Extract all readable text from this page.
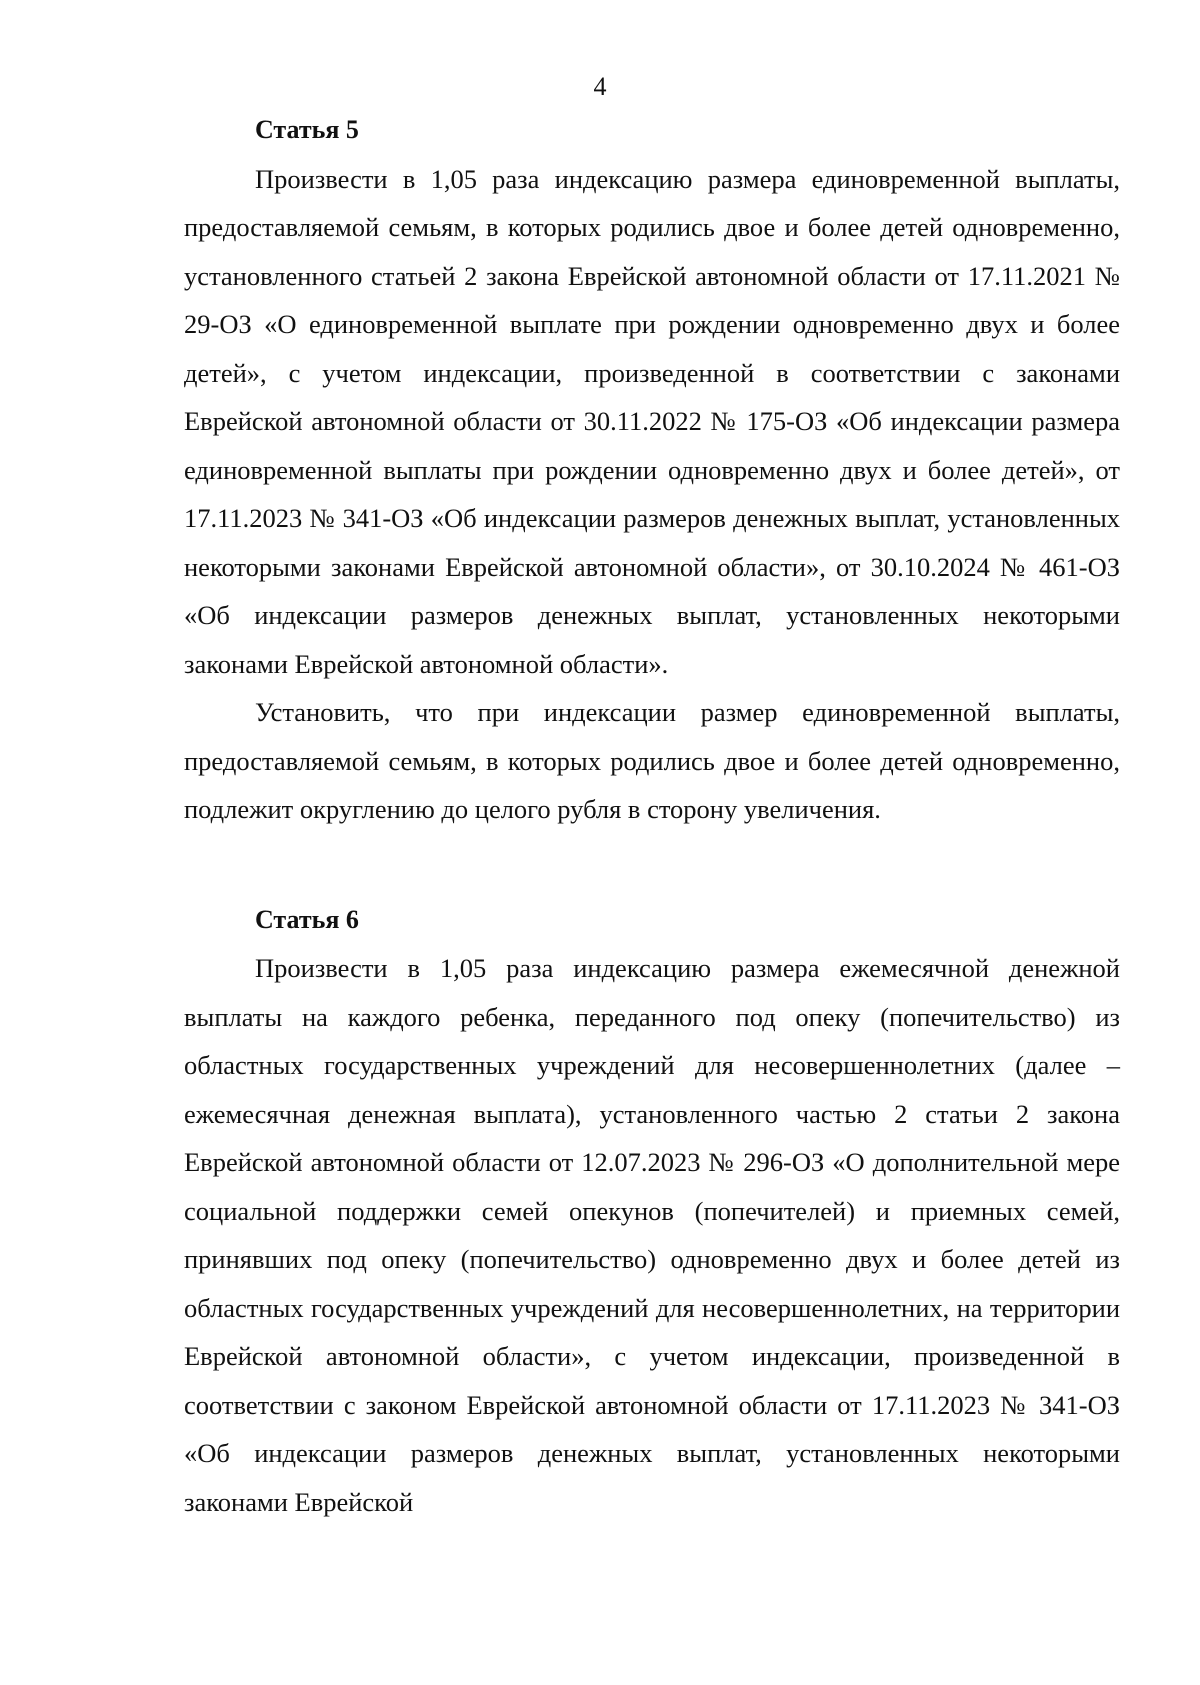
4
Статья 5

Произвести в 1,05 раза индексацию размера единовременной выплаты, предоставляемой семьям, в которых родились двое и более детей одновременно, установленного статьей 2 закона Еврейской автономной области от 17.11.2021 № 29-ОЗ «О единовременной выплате при рождении одновременно двух и более детей», с учетом индексации, произведенной в соответствии с законами Еврейской автономной области от 30.11.2022 № 175-ОЗ «Об индексации размера единовременной выплаты при рождении одновременно двух и более детей», от 17.11.2023 № 341-ОЗ «Об индексации размеров денежных выплат, установленных некоторыми законами Еврейской автономной области», от 30.10.2024 № 461-ОЗ «Об индексации размеров денежных выплат, установленных некоторыми законами Еврейской автономной области».

Установить, что при индексации размер единовременной выплаты, предоставляемой семьям, в которых родились двое и более детей одновременно, подлежит округлению до целого рубля в сторону увеличения.

Статья 6

Произвести в 1,05 раза индексацию размера ежемесячной денежной выплаты на каждого ребенка, переданного под опеку (попечительство) из областных государственных учреждений для несовершеннолетних (далее – ежемесячная денежная выплата), установленного частью 2 статьи 2 закона Еврейской автономной области от 12.07.2023 № 296-ОЗ «О дополнительной мере социальной поддержки семей опекунов (попечителей) и приемных семей, принявших под опеку (попечительство) одновременно двух и более детей из областных государственных учреждений для несовершеннолетних, на территории Еврейской автономной области», с учетом индексации, произведенной в соответствии с законом Еврейской автономной области от 17.11.2023 № 341-ОЗ «Об индексации размеров денежных выплат, установленных некоторыми законами Еврейской
